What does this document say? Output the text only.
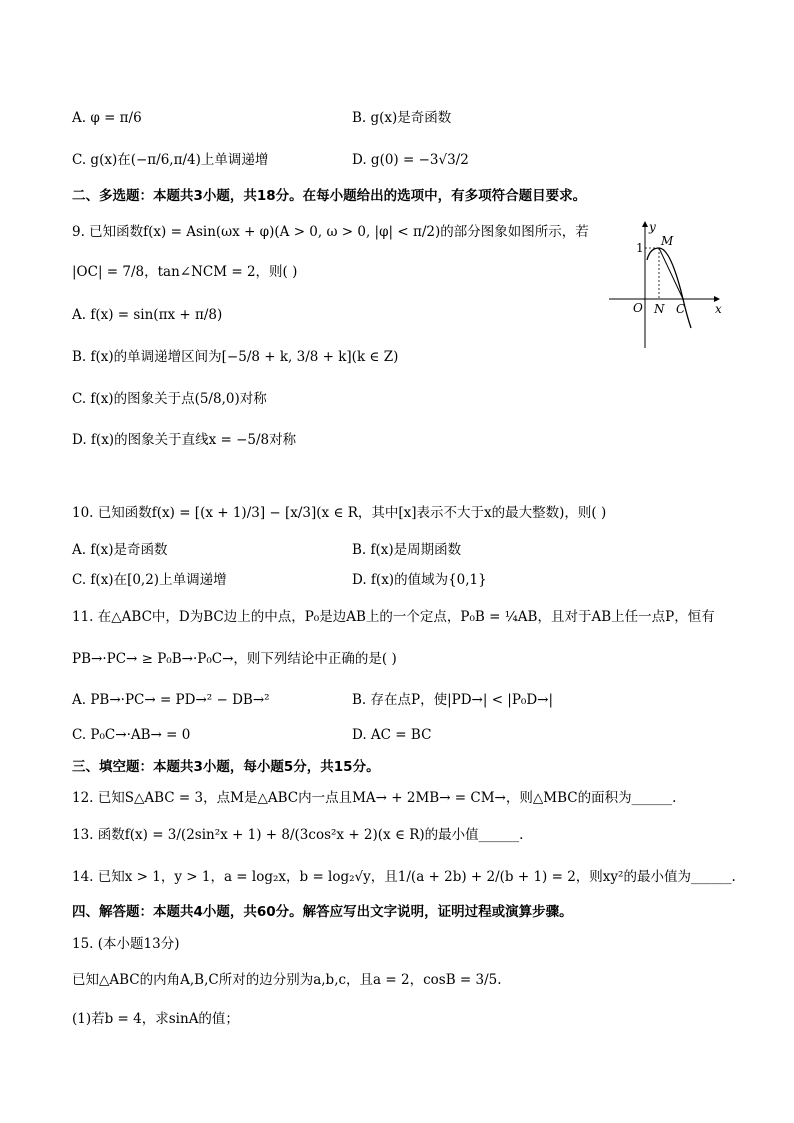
A. φ = π/6	B. g(x)是奇函数
C. g(x)在(−π/6,π/4)上单调递增	D. g(0) = −3√3/2
二、多选题：本题共3小题，共18分。在每小题给出的选项中，有多项符合题目要求。
9. 已知函数f(x) = Asin(ωx + φ)(A > 0, ω > 0, |φ| < π/2)的部分图象如图所示，若
|OC| = 7/8，tan∠NCM = 2，则( )
A. f(x) = sin(πx + π/8)
B. f(x)的单调递增区间为[−5/8 + k, 3/8 + k](k ∈ Z)
C. f(x)的图象关于点(5/8,0)对称
D. f(x)的图象关于直线x = −5/8对称
y
x
M
1
O N C
10. 已知函数f(x) = [(x + 1)/3] − [x/3](x ∈ R，其中[x]表示不大于x的最大整数)，则( )
A. f(x)是奇函数	B. f(x)是周期函数
C. f(x)在[0,2)上单调递增	D. f(x)的值域为{0,1}
11. 在△ABC中，D为BC边上的中点，P₀是边AB上的一个定点，P₀B = ¼AB，且对于AB上任一点P，恒有
PB→·PC→ ≥ P₀B→·P₀C→，则下列结论中正确的是( )
A. PB→·PC→ = PD→² − DB→²	B. 存在点P，使|PD→| < |P₀D→|
C. P₀C→·AB→ = 0	D. AC = BC
三、填空题：本题共3小题，每小题5分，共15分。
12. 已知S△ABC = 3，点M是△ABC内一点且MA→ + 2MB→ = CM→，则△MBC的面积为______.
13. 函数f(x) = 3/(2sin²x + 1) + 8/(3cos²x + 2)(x ∈ R)的最小值______.
14. 已知x > 1，y > 1，a = log₂x，b = log₂√y，且1/(a + 2b) + 2/(b + 1) = 2，则xy²的最小值为______.
四、解答题：本题共4小题，共60分。解答应写出文字说明，证明过程或演算步骤。
15. (本小题13分)
已知△ABC的内角A,B,C所对的边分别为a,b,c，且a = 2，cosB = 3/5.
(1)若b = 4，求sinA的值；
